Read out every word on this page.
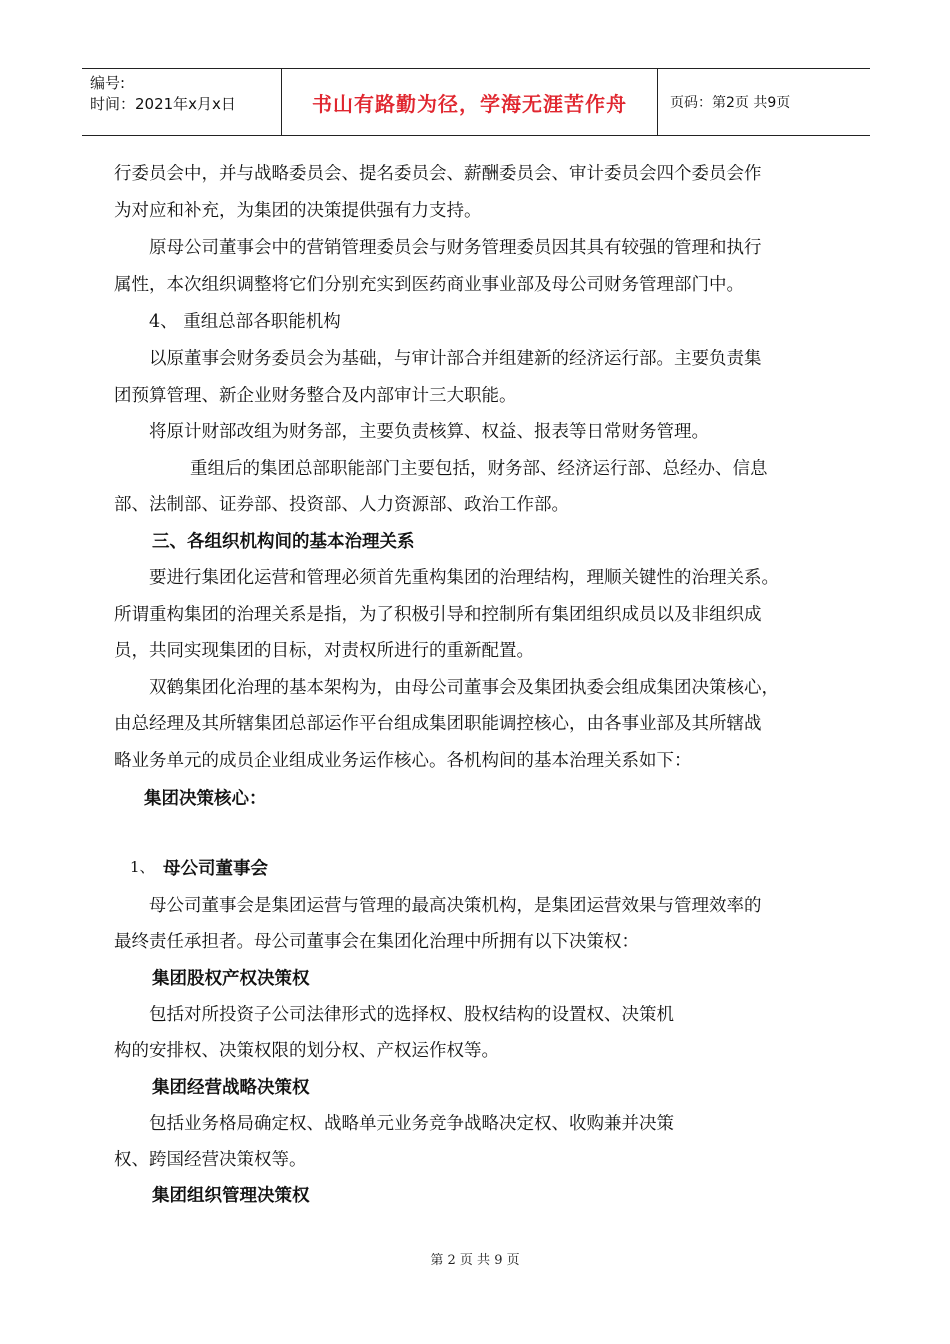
编号:
时间：2021年x月x日	书山有路勤为径，学海无涯苦作舟	页码：第2页 共9页
行委员会中，并与战略委员会、提名委员会、薪酬委员会、审计委员会四个委员会作
为对应和补充，为集团的决策提供强有力支持。
原母公司董事会中的营销管理委员会与财务管理委员因其具有较强的管理和执行
属性，本次组织调整将它们分别充实到医药商业事业部及母公司财务管理部门中。
4、 重组总部各职能机构
以原董事会财务委员会为基础，与审计部合并组建新的经济运行部。主要负责集
团预算管理、新企业财务整合及内部审计三大职能。
将原计财部改组为财务部，主要负责核算、权益、报表等日常财务管理。
重组后的集团总部职能部门主要包括，财务部、经济运行部、总经办、信息
部、法制部、证券部、投资部、人力资源部、政治工作部。
三、各组织机构间的基本治理关系
要进行集团化运营和管理必须首先重构集团的治理结构，理顺关键性的治理关系。
所谓重构集团的治理关系是指，为了积极引导和控制所有集团组织成员以及非组织成
员，共同实现集团的目标，对责权所进行的重新配置。
双鹤集团化治理的基本架构为，由母公司董事会及集团执委会组成集团决策核心，
由总经理及其所辖集团总部运作平台组成集团职能调控核心，由各事业部及其所辖战
略业务单元的成员企业组成业务运作核心。各机构间的基本治理关系如下：
集团决策核心：
1、 母公司董事会
母公司董事会是集团运营与管理的最高决策机构，是集团运营效果与管理效率的
最终责任承担者。母公司董事会在集团化治理中所拥有以下决策权：
集团股权产权决策权
包括对所投资子公司法律形式的选择权、股权结构的设置权、决策机
构的安排权、决策权限的划分权、产权运作权等。
集团经营战略决策权
包括业务格局确定权、战略单元业务竞争战略决定权、收购兼并决策
权、跨国经营决策权等。
集团组织管理决策权
第 2 页 共 9 页
